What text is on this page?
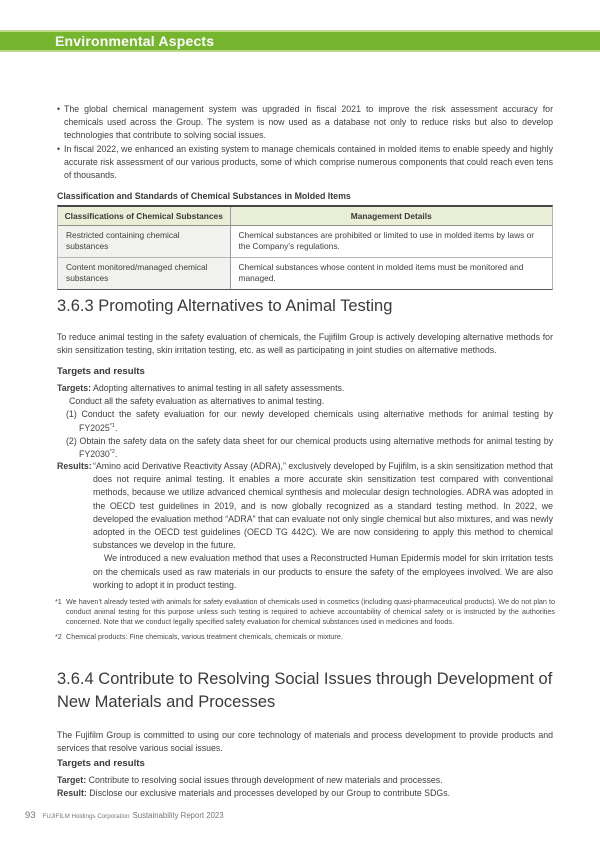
Environmental Aspects
• The global chemical management system was upgraded in fiscal 2021 to improve the risk assessment accuracy for chemicals used across the Group. The system is now used as a database not only to reduce risks but also to develop technologies that contribute to solving social issues.
• In fiscal 2022, we enhanced an existing system to manage chemicals contained in molded items to enable speedy and highly accurate risk assessment of our various products, some of which comprise numerous components that could reach even tens of thousands.
Classification and Standards of Chemical Substances in Molded Items
Classifications of Chemical Substances	Management Details
Restricted containing chemical substances	Chemical substances are prohibited or limited to use in molded items by laws or the Company’s regulations.
Content monitored/managed chemical substances	Chemical substances whose content in molded items must be monitored and managed.
3.6.3 Promoting Alternatives to Animal Testing

To reduce animal testing in the safety evaluation of chemicals, the Fujifilm Group is actively developing alternative methods for skin sensitization testing, skin irritation testing, etc. as well as participating in joint studies on alternative methods.

Targets and results
Targets: Adopting alternatives to animal testing in all safety assessments.
Conduct all the safety evaluation as alternatives to animal testing.
(1) Conduct the safety evaluation for our newly developed chemicals using alternative methods for animal testing by FY2025$^{*1}$.
(2) Obtain the safety data on the safety data sheet for our chemical products using alternative methods for animal testing by FY2030$^{*2}$.
Results: “Amino acid Derivative Reactivity Assay (ADRA),” exclusively developed by Fujifilm, is a skin sensitization method that does not require animal testing. It enables a more accurate skin sensitization test compared with conventional methods, because we utilize advanced chemical synthesis and molecular design technologies. ADRA was adopted in the OECD test guidelines in 2019, and is now globally recognized as a standard testing method. In 2022, we developed the evaluation method “ADRA” that can evaluate not only single chemical but also mixtures, and was newly adopted in the OECD test guidelines (OECD TG 442C). We are now considering to apply this method to chemical substances we develop in the future.

We introduced a new evaluation method that uses a Reconstructed Human Epidermis model for skin irritation tests on the chemicals used as raw materials in our products to ensure the safety of the employees involved. We are also working to adopt it in product testing.

*1 We haven’t already tested with animals for safety evaluation of chemicals used in cosmetics (including quasi-pharmaceutical products). We do not plan to conduct animal testing for this purpose unless such testing is required to achieve accountability of chemical safety or is instructed by the authorities concerned. Note that we conduct legally specified safety evaluation for chemical substances used in medicines and foods.
*2 Chemical products: Fine chemicals, various treatment chemicals, chemicals or mixture.
3.6.4 Contribute to Resolving Social Issues through Development of New Materials and Processes

The Fujifilm Group is committed to using our core technology of materials and process development to provide products and services that resolve various social issues.

Targets and results
Target: Contribute to resolving social issues through development of new materials and processes.
Result: Disclose our exclusive materials and processes developed by our Group to contribute SDGs.
93 FUJIFILM Holdings Corporation Sustainability Report 2023
